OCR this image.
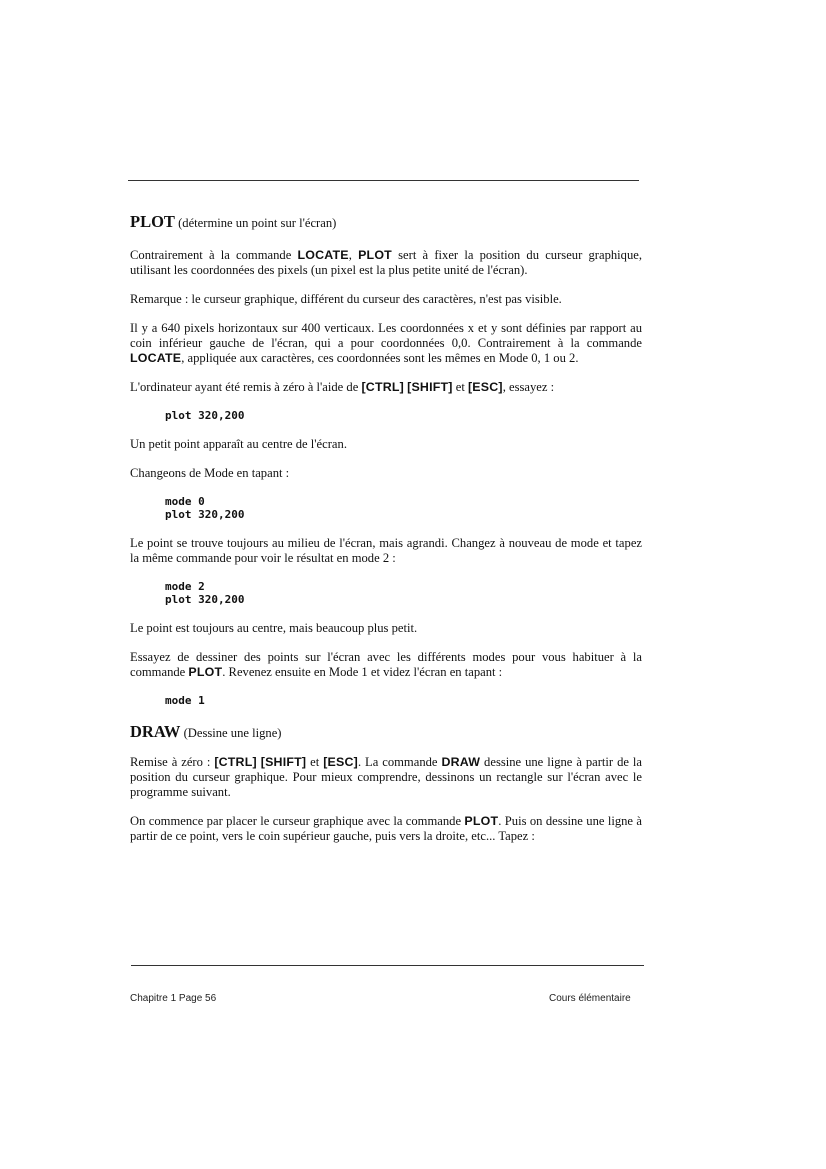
PLOT (détermine un point sur l'écran)

Contrairement à la commande LOCATE, PLOT sert à fixer la position du curseur graphique, utilisant les coordonnées des pixels (un pixel est la plus petite unité de l'écran).

Remarque : le curseur graphique, différent du curseur des caractères, n'est pas visible.

Il y a 640 pixels horizontaux sur 400 verticaux. Les coordonnées x et y sont définies par rapport au coin inférieur gauche de l'écran, qui a pour coordonnées 0,0. Contrairement à la commande LOCATE, appliquée aux caractères, ces coordonnées sont les mêmes en Mode 0, 1 ou 2.

L'ordinateur ayant été remis à zéro à l'aide de [CTRL] [SHIFT] et [ESC], essayez :

plot 320,200

Un petit point apparaît au centre de l'écran.

Changeons de Mode en tapant :

mode 0
plot 320,200

Le point se trouve toujours au milieu de l'écran, mais agrandi. Changez à nouveau de mode et tapez la même commande pour voir le résultat en mode 2 :

mode 2
plot 320,200

Le point est toujours au centre, mais beaucoup plus petit.

Essayez de dessiner des points sur l'écran avec les différents modes pour vous habituer à la commande PLOT. Revenez ensuite en Mode 1 et videz l'écran en tapant :

mode 1

DRAW (Dessine une ligne)

Remise à zéro : [CTRL] [SHIFT] et [ESC]. La commande DRAW dessine une ligne à partir de la position du curseur graphique. Pour mieux comprendre, dessinons un rectangle sur l'écran avec le programme suivant.

On commence par placer le curseur graphique avec la commande PLOT. Puis on dessine une ligne à partir de ce point, vers le coin supérieur gauche, puis vers la droite, etc... Tapez :

Chapitre 1 Page 56	Cours élémentaire
